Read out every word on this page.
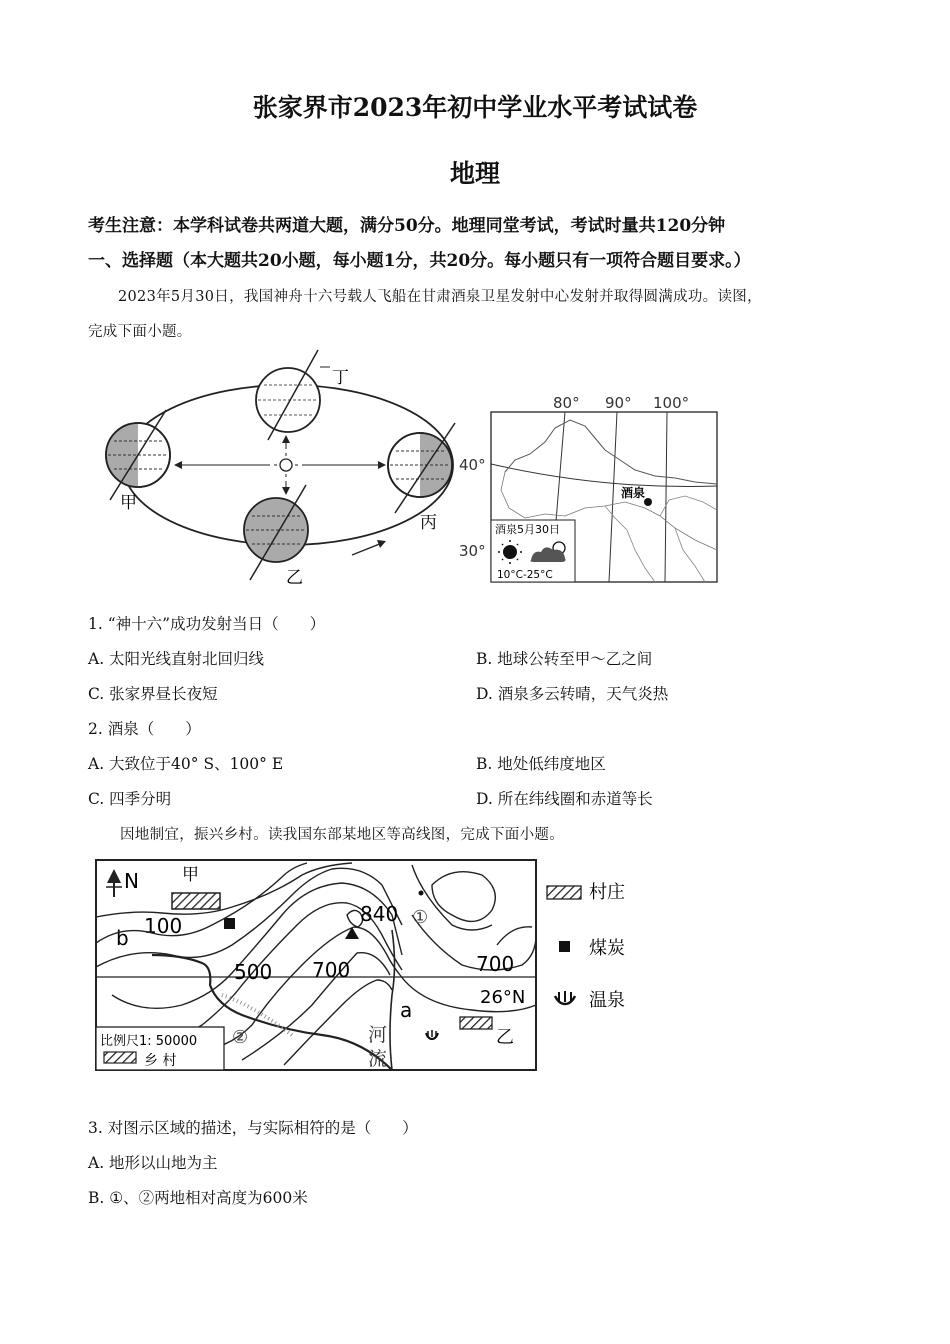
张家界市2023年初中学业水平考试试卷
地理
考生注意：本学科试卷共两道大题，满分50分。地理同堂考试，考试时量共120分钟
一、选择题（本大题共20小题，每小题1分，共20分。每小题只有一项符合题目要求。）
2023年5月30日，我国神舟十六号载人飞船在甘肃酒泉卫星发射中心发射并取得圆满成功。读图，
完成下面小题。
丁
甲
丙
乙
80° 90° 100°
40°
30°
酒泉
酒泉5月30日
10°C-25°C
1. “神十六”成功发射当日（　　）
A. 太阳光线直射北回归线	B. 地球公转至甲～乙之间
C. 张家界昼长夜短	D. 酒泉多云转晴，天气炎热
2. 酒泉（　　）
A. 大致位于40° S、100° E	B. 地处低纬度地区
C. 四季分明	D. 所在纬线圈和赤道等长
因地制宜，振兴乡村。读我国东部某地区等高线图，完成下面小题。
N	甲
100
b
500 700
840 ①
700
26°N
a
乙
②	河
流
比例尺1: 50000
乡 村
村庄
煤炭
温泉
3. 对图示区域的描述，与实际相符的是（　　）
A. 地形以山地为主
B. ①、②两地相对高度为600米
